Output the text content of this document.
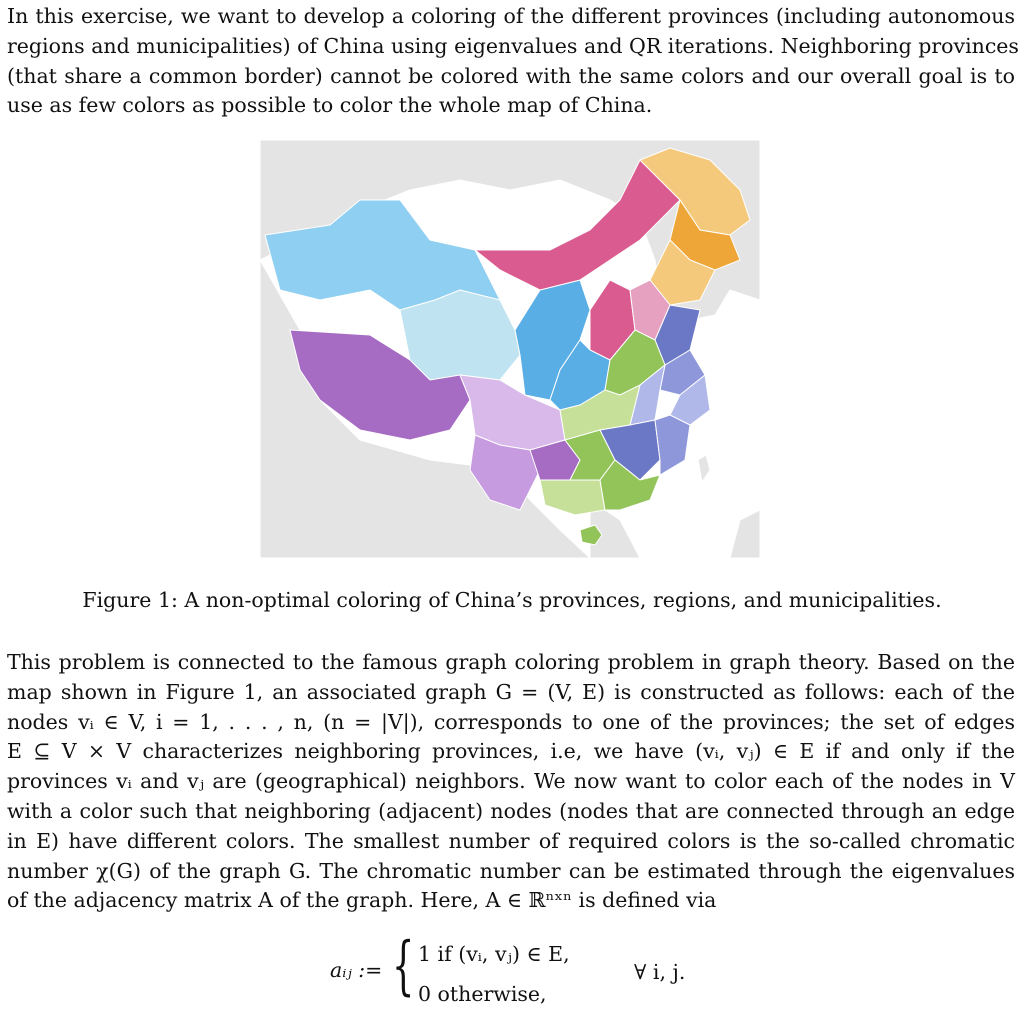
In this exercise, we want to develop a coloring of the different provinces (including autonomous
regions and municipalities) of China using eigenvalues and QR iterations. Neighboring provinces
(that share a common border) cannot be colored with the same colors and our overall goal is to
use as few colors as possible to color the whole map of China.
Figure 1: A non-optimal coloring of China’s provinces, regions, and municipalities.
This problem is connected to the famous graph coloring problem in graph theory. Based on the
map shown in Figure 1, an associated graph G = (V, E) is constructed as follows: each of the
nodes vᵢ ∈ V, i = 1, . . . , n, (n = |V|), corresponds to one of the provinces; the set of edges
E ⊆ V × V characterizes neighboring provinces, i.e, we have (vᵢ, vⱼ) ∈ E if and only if the
provinces vᵢ and vⱼ are (geographical) neighbors. We now want to color each of the nodes in V
with a color such that neighboring (adjacent) nodes (nodes that are connected through an edge
in E) have different colors. The smallest number of required colors is the so-called chromatic
number χ(G) of the graph G. The chromatic number can be estimated through the eigenvalues
of the adjacency matrix A of the graph. Here, A ∈ ℝⁿˣⁿ is defined via
aᵢⱼ := { 1 if (vᵢ, vⱼ) ∈ E,
0 otherwise,
∀ i, j.
